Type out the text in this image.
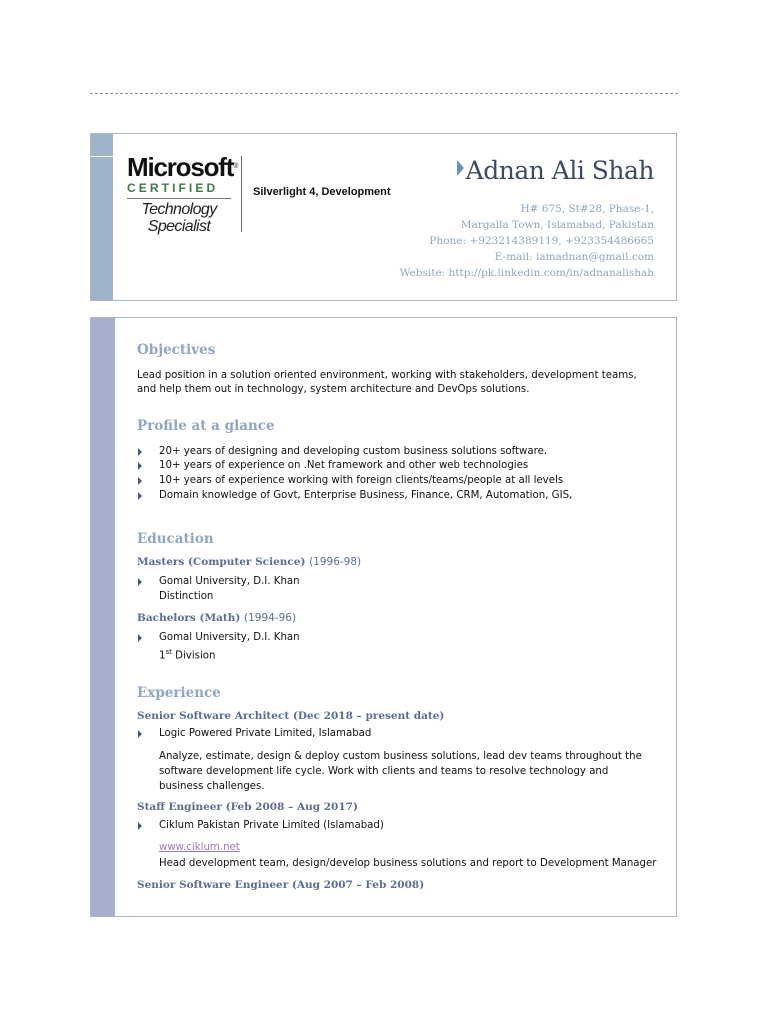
Microsoft®
CERTIFIED
Technology
Specialist
Silverlight 4, Development
Adnan Ali Shah
H# 675, St#28, Phase-1,
Margalla Town, Islamabad, Pakistan
Phone: +923214389119, +923354486665
E-mail: iamadnan@gmail.com
Website: http://pk.linkedin.com/in/adnanalishah
Objectives
Lead position in a solution oriented environment, working with stakeholders, development teams,
and help them out in technology, system architecture and DevOps solutions.
Profile at a glance
20+ years of designing and developing custom business solutions software.
10+ years of experience on .Net framework and other web technologies
10+ years of experience working with foreign clients/teams/people at all levels
Domain knowledge of Govt, Enterprise Business, Finance, CRM, Automation, GIS,
Education
Masters (Computer Science) (1996-98)
Gomal University, D.I. Khan
Distinction
Bachelors (Math) (1994-96)
Gomal University, D.I. Khan
1st Division
Experience
Senior Software Architect (Dec 2018 – present date)
Logic Powered Private Limited, Islamabad
Analyze, estimate, design & deploy custom business solutions, lead dev teams throughout the
software development life cycle. Work with clients and teams to resolve technology and
business challenges.
Staff Engineer (Feb 2008 – Aug 2017)
Ciklum Pakistan Private Limited (Islamabad)
www.ciklum.net
Head development team, design/develop business solutions and report to Development Manager
Senior Software Engineer (Aug 2007 – Feb 2008)
